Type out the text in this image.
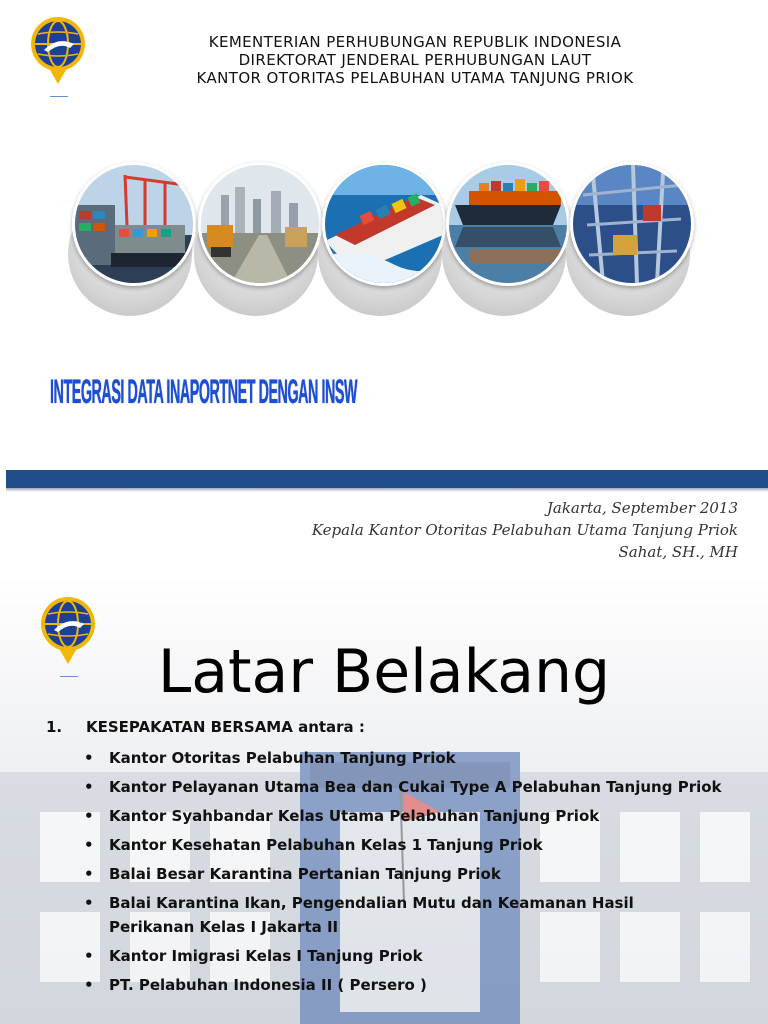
KEMENTERIAN PERHUBUNGAN REPUBLIK INDONESIA
DIREKTORAT JENDERAL PERHUBUNGAN LAUT
KANTOR OTORITAS PELABUHAN UTAMA TANJUNG PRIOK
INTEGRASI DATA INAPORTNET DENGAN INSW
Jakarta, September 2013
Kepala Kantor Otoritas Pelabuhan Utama Tanjung Priok
Sahat, SH., MH
Latar Belakang
1. KESEPAKATAN BERSAMA antara :
• Kantor Otoritas Pelabuhan Tanjung Priok
• Kantor Pelayanan Utama Bea dan Cukai Type A Pelabuhan Tanjung Priok
• Kantor Syahbandar Kelas Utama Pelabuhan Tanjung Priok
• Kantor Kesehatan Pelabuhan Kelas 1 Tanjung Priok
• Balai Besar Karantina Pertanian Tanjung Priok
• Balai Karantina Ikan, Pengendalian Mutu dan Keamanan Hasil Perikanan Kelas I Jakarta II
• Kantor Imigrasi Kelas I Tanjung Priok
• PT. Pelabuhan Indonesia II ( Persero )
